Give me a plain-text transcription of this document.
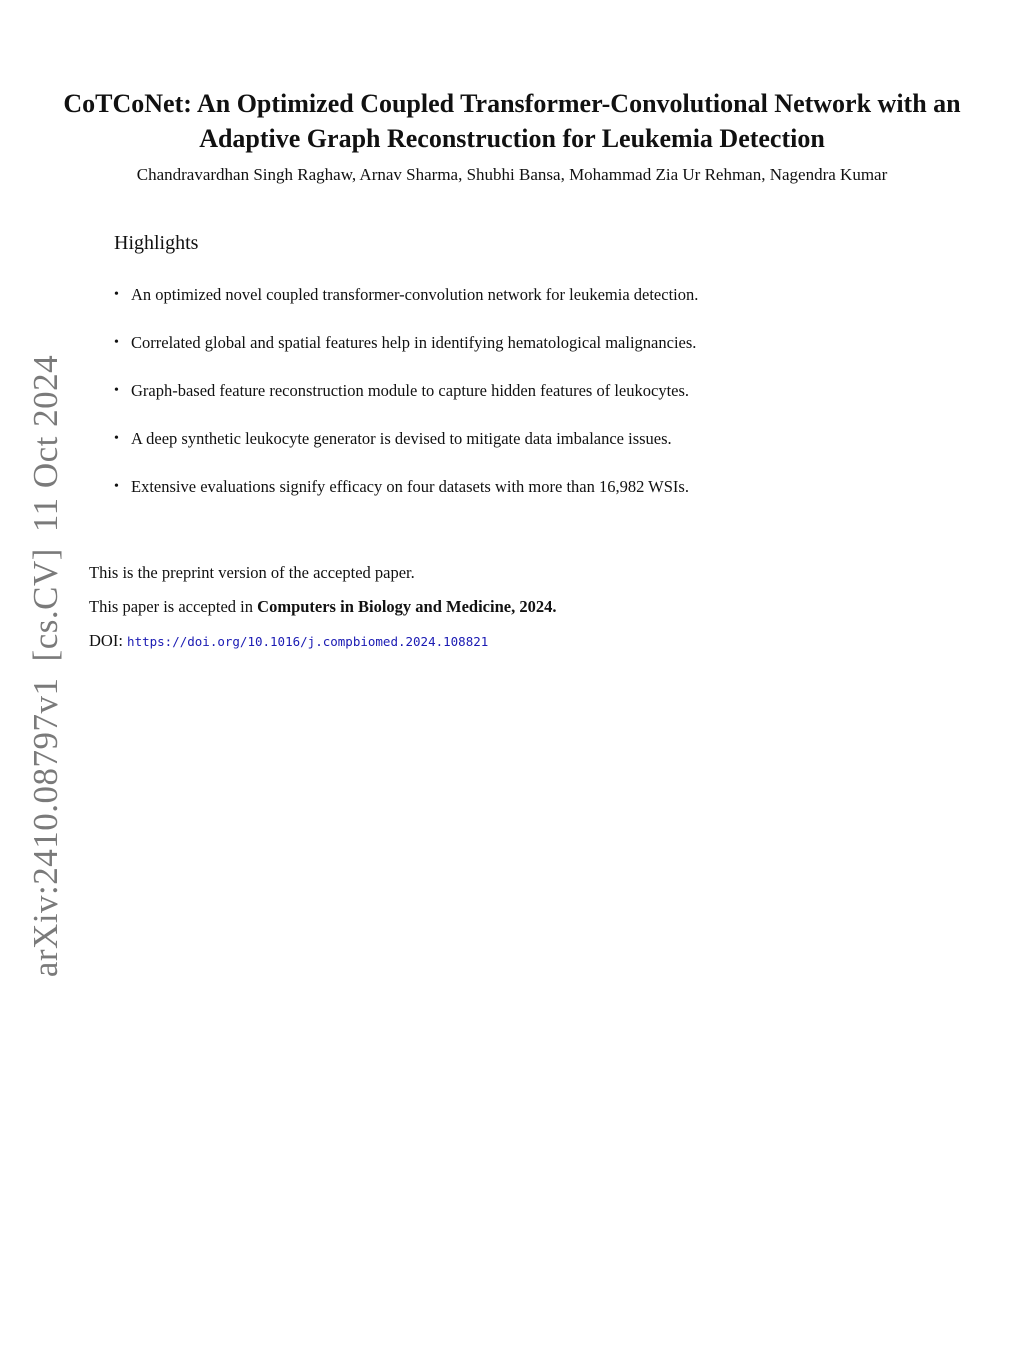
CoTCoNet: An Optimized Coupled Transformer-Convolutional Network with an
Adaptive Graph Reconstruction for Leukemia Detection
Chandravardhan Singh Raghaw, Arnav Sharma, Shubhi Bansa, Mohammad Zia Ur Rehman, Nagendra Kumar
Highlights
• An optimized novel coupled transformer-convolution network for leukemia detection.
• Correlated global and spatial features help in identifying hematological malignancies.
• Graph-based feature reconstruction module to capture hidden features of leukocytes.
• A deep synthetic leukocyte generator is devised to mitigate data imbalance issues.
• Extensive evaluations signify efficacy on four datasets with more than 16,982 WSIs.
This is the preprint version of the accepted paper.
This paper is accepted in Computers in Biology and Medicine, 2024.
DOI: https://doi.org/10.1016/j.compbiomed.2024.108821
arXiv:2410.08797v1[cs.CV]11 Oct 2024
